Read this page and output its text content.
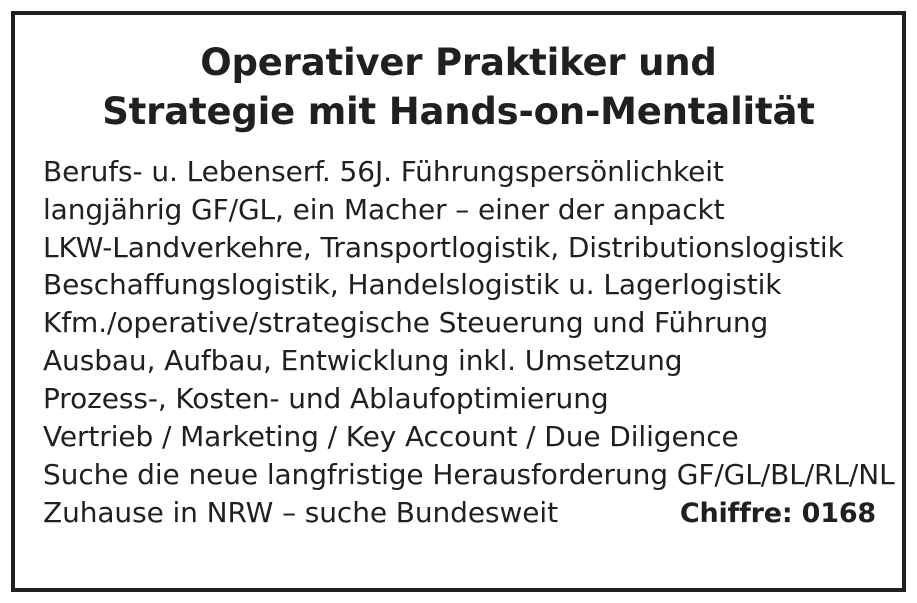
Operativer Praktiker und
Strategie mit Hands-on-Mentalität
Berufs- u. Lebenserf. 56J. Führungspersönlichkeit
langjährig GF/GL, ein Macher – einer der anpackt
LKW-Landverkehre, Transportlogistik, Distributionslogistik
Beschaffungslogistik, Handelslogistik u. Lagerlogistik
Kfm./operative/strategische Steuerung und Führung
Ausbau, Aufbau, Entwicklung inkl. Umsetzung
Prozess-, Kosten- und Ablaufoptimierung
Vertrieb / Marketing / Key Account / Due Diligence
Suche die neue langfristige Herausforderung GF/GL/BL/RL/NL
Zuhause in NRW – suche Bundesweit	Chiffre: 0168
